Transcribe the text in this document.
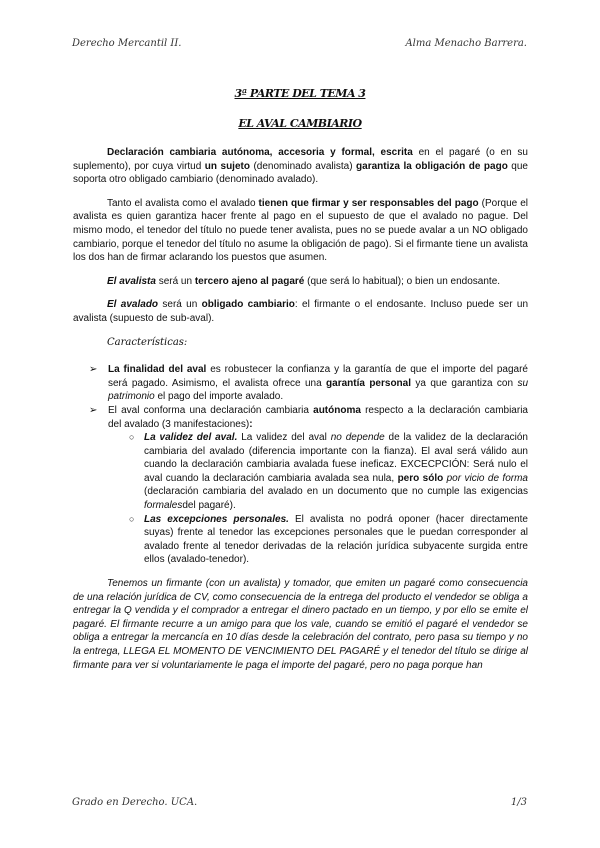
Derecho Mercantil II.	Alma Menacho Barrera.
3ª PARTE DEL TEMA 3
EL AVAL CAMBIARIO

Declaración cambiaria autónoma, accesoria y formal, escrita en el pagaré (o en su suplemento), por cuya virtud un sujeto (denominado avalista) garantiza la obligación de pago que soporta otro obligado cambiario (denominado avalado).

Tanto el avalista como el avalado tienen que firmar y ser responsables del pago (Porque el avalista es quien garantiza hacer frente al pago en el supuesto de que el avalado no pague. Del mismo modo, el tenedor del título no puede tener avalista, pues no se puede avalar a un NO obligado cambiario, porque el tenedor del título no asume la obligación de pago). Si el firmante tiene un avalista los dos han de firmar aclarando los puestos que asumen.

El avalista será un tercero ajeno al pagaré (que será lo habitual); o bien un endosante.

El avalado será un obligado cambiario: el firmante o el endosante. Incluso puede ser un avalista (supuesto de sub-aval).

Características:
➢ La finalidad del aval es robustecer la confianza y la garantía de que el importe del pagaré será pagado. Asimismo, el avalista ofrece una garantía personal ya que garantiza con su patrimonio el pago del importe avalado.
➢ El aval conforma una declaración cambiaria autónoma respecto a la declaración cambiaria del avalado (3 manifestaciones):
○ La validez del aval. La validez del aval no depende de la validez de la declaración cambiaria del avalado (diferencia importante con la fianza). El aval será válido aun cuando la declaración cambiaria avalada fuese ineficaz. EXCECPCIÓN: Será nulo el aval cuando la declaración cambiaria avalada sea nula, pero sólo por vicio de forma (declaración cambiaria del avalado en un documento que no cumple las exigencias formalesdel pagaré).
○ Las excepciones personales. El avalista no podrá oponer (hacer directamente suyas) frente al tenedor las excepciones personales que le puedan corresponder al avalado frente al tenedor derivadas de la relación jurídica subyacente surgida entre ellos (avalado-tenedor).

Tenemos un firmante (con un avalista) y tomador, que emiten un pagaré como consecuencia de una relación jurídica de CV, como consecuencia de la entrega del producto el vendedor se obliga a entregar la Q vendida y el comprador a entregar el dinero pactado en un tiempo, y por ello se emite el pagaré. El firmante recurre a un amigo para que los vale, cuando se emitió el pagaré el vendedor se obliga a entregar la mercancía en 10 días desde la celebración del contrato, pero pasa su tiempo y no la entrega, LLEGA EL MOMENTO DE VENCIMIENTO DEL PAGARÉ y el tenedor del título se dirige al firmante para ver si voluntariamente le paga el importe del pagaré, pero no paga porque han

Grado en Derecho. UCA.	1/3
